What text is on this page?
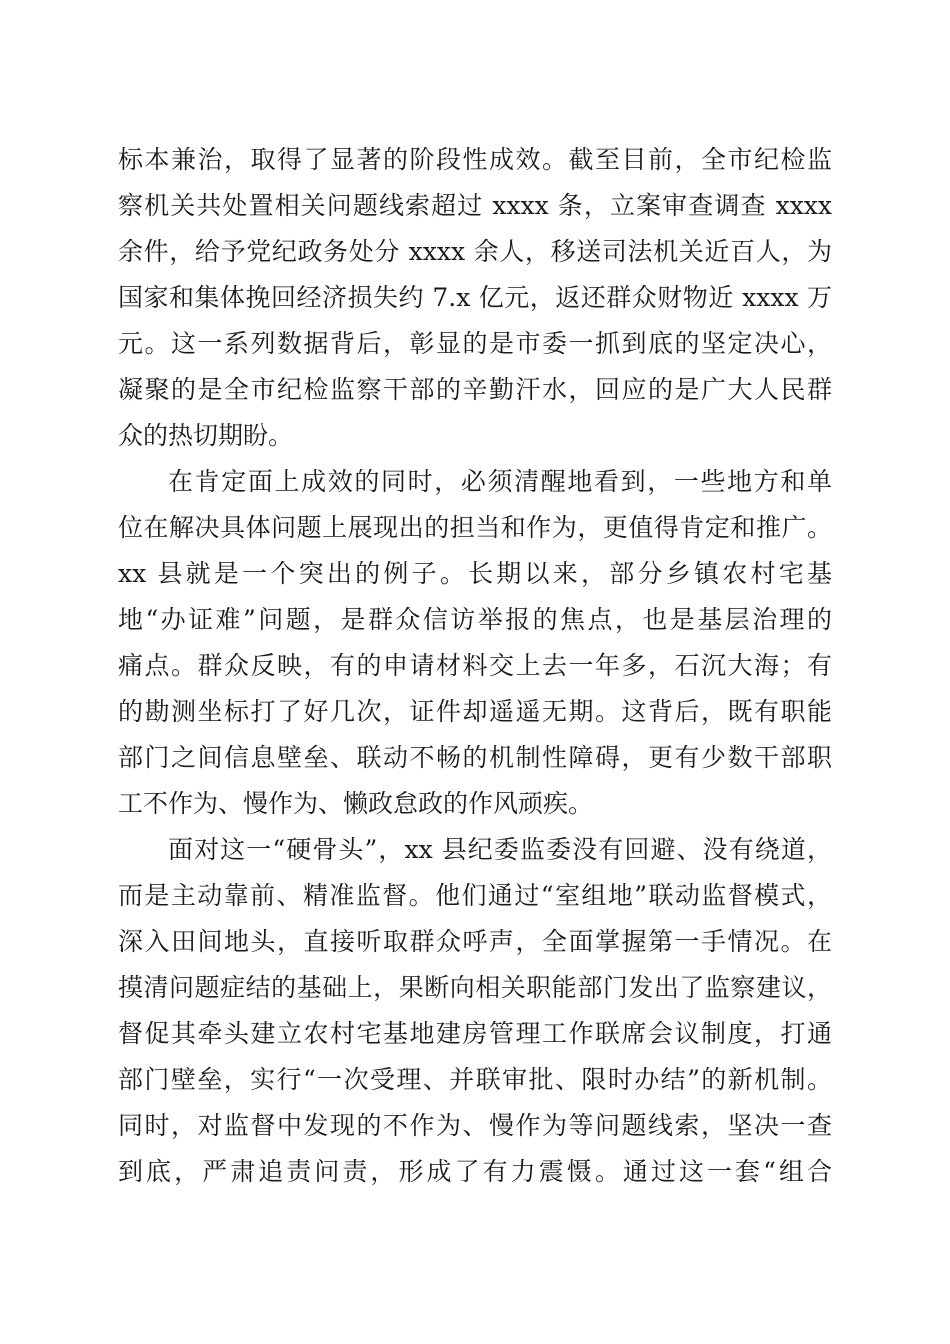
标本兼治，取得了显著的阶段性成效。截至目前，全市纪检监
察机关共处置相关问题线索超过 xxxx 条，立案审查调查 xxxx
余件，给予党纪政务处分 xxxx 余人，移送司法机关近百人，为
国家和集体挽回经济损失约 7.x 亿元，返还群众财物近 xxxx 万
元。这一系列数据背后，彰显的是市委一抓到底的坚定决心，
凝聚的是全市纪检监察干部的辛勤汗水，回应的是广大人民群
众的热切期盼。
在肯定面上成效的同时，必须清醒地看到，一些地方和单
位在解决具体问题上展现出的担当和作为，更值得肯定和推广。
xx 县就是一个突出的例子。长期以来，部分乡镇农村宅基
地“办证难”问题，是群众信访举报的焦点，也是基层治理的
痛点。群众反映，有的申请材料交上去一年多，石沉大海；有
的勘测坐标打了好几次，证件却遥遥无期。这背后，既有职能
部门之间信息壁垒、联动不畅的机制性障碍，更有少数干部职
工不作为、慢作为、懒政怠政的作风顽疾。
面对这一“硬骨头”，xx 县纪委监委没有回避、没有绕道，
而是主动靠前、精准监督。他们通过“室组地”联动监督模式，
深入田间地头，直接听取群众呼声，全面掌握第一手情况。在
摸清问题症结的基础上，果断向相关职能部门发出了监察建议，
督促其牵头建立农村宅基地建房管理工作联席会议制度，打通
部门壁垒，实行“一次受理、并联审批、限时办结”的新机制。
同时，对监督中发现的不作为、慢作为等问题线索，坚决一查
到底，严肃追责问责，形成了有力震慑。通过这一套“组合
